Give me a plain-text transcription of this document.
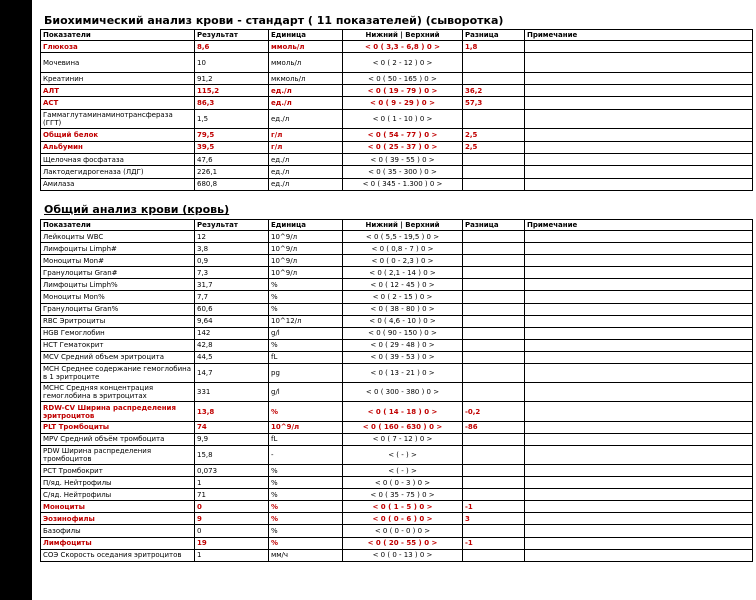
Биохимический анализ крови - стандарт ( 11 показателей) (сыворотка)
Показатели	Результат	Единица	Нижний | Верхний	Разница	Примечание
Глюкоза	8,6	ммоль/л	< 0 ( 3,3 - 6,8 ) 0 >	1,8	
Мочевина	10	ммоль/л	< 0 ( 2 - 12 ) 0 >		
Креатинин	91,2	мкмоль/л	< 0 ( 50 - 165 ) 0 >		
АЛТ	115,2	ед./л	< 0 ( 19 - 79 ) 0 >	36,2	
АСТ	86,3	ед./л	< 0 ( 9 - 29 ) 0 >	57,3	
Гаммаглутаминаминотрансфераза (ГГТ)	1,5	ед./л	< 0 ( 1 - 10 ) 0 >		
Общий белок	79,5	г/л	< 0 ( 54 - 77 ) 0 >	2,5	
Альбумин	39,5	г/л	< 0 ( 25 - 37 ) 0 >	2,5	
Щелочная фосфатаза	47,6	ед./л	< 0 ( 39 - 55 ) 0 >		
Лактодегидрогеназа (ЛДГ)	226,1	ед./л	< 0 ( 35 - 300 ) 0 >		
Амилаза	680,8	ед./л	< 0 ( 345 - 1.300 ) 0 >		
Общий анализ крови (кровь)
Показатели	Результат	Единица	Нижний | Верхний	Разница	Примечание
Лейкоциты WBC	12	10^9/л	< 0 ( 5,5 - 19,5 ) 0 >		
Лимфоциты Limph#	3,8	10^9/л	< 0 ( 0,8 - 7 ) 0 >		
Моноциты Mon#	0,9	10^9/л	< 0 ( 0 - 2,3 ) 0 >		
Гранулоциты Gran#	7,3	10^9/л	< 0 ( 2,1 - 14 ) 0 >		
Лимфоциты Limph%	31,7	%	< 0 ( 12 - 45 ) 0 >		
Моноциты Mon%	7,7	%	< 0 ( 2 - 15 ) 0 >		
Гранулоциты Gran%	60,6	%	< 0 ( 38 - 80 ) 0 >		
RBC Эритроциты	9,64	10^12/л	< 0 ( 4,6 - 10 ) 0 >		
HGB Гемоглобин	142	g/l	< 0 ( 90 - 150 ) 0 >		
HCT Гематокрит	42,8	%	< 0 ( 29 - 48 ) 0 >		
MCV Средний объем эритроцита	44,5	fL	< 0 ( 39 - 53 ) 0 >		
MCH Среднее содержание гемоглобина в 1 эритроците	14,7	pg	< 0 ( 13 - 21 ) 0 >		
MCHC Средняя концентрация гемоглобина в эритроцитах	331	g/l	< 0 ( 300 - 380 ) 0 >		
RDW-CV Ширина распределения эритроцитов	13,8	%	< 0 ( 14 - 18 ) 0 >	-0,2	
PLT Тромбоциты	74	10^9/л	< 0 ( 160 - 630 ) 0 >	-86	
MPV Средний объём тромбоцита	9,9	fL	< 0 ( 7 - 12 ) 0 >		
PDW Ширина распределения тромбоцитов	15,8	-	< ( - ) >		
PCT Тромбокрит	0,073	%	< ( - ) >		
П/яд. Нейтрофилы	1	%	< 0 ( 0 - 3 ) 0 >		
С/яд. Нейтрофилы	71	%	< 0 ( 35 - 75 ) 0 >		
Моноциты	0	%	< 0 ( 1 - 5 ) 0 >	-1	
Эозинофилы	9	%	< 0 ( 0 - 6 ) 0 >	3	
Базофилы	0	%	< 0 ( 0 - 0 ) 0 >		
Лимфоциты	19	%	< 0 ( 20 - 55 ) 0 >	-1	
СОЭ Скорость оседания эритроцитов	1	мм/ч	< 0 ( 0 - 13 ) 0 >		
